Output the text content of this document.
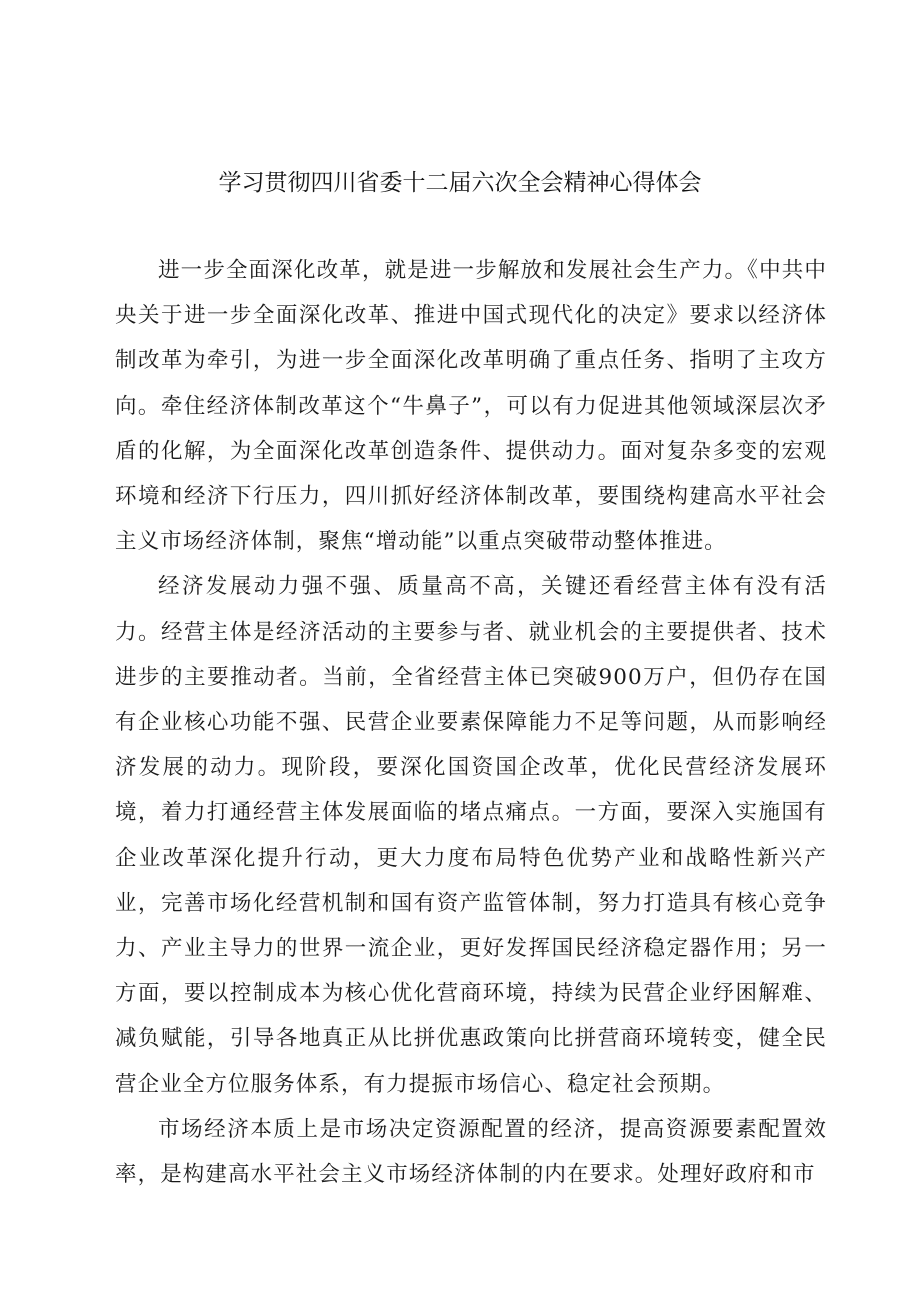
学习贯彻四川省委十二届六次全会精神心得体会

进一步全面深化改革，就是进一步解放和发展社会生产力。《中共中央关于进一步全面深化改革、推进中国式现代化的决定》要求以经济体制改革为牵引，为进一步全面深化改革明确了重点任务、指明了主攻方向。牵住经济体制改革这个“牛鼻子”，可以有力促进其他领域深层次矛盾的化解，为全面深化改革创造条件、提供动力。面对复杂多变的宏观环境和经济下行压力，四川抓好经济体制改革，要围绕构建高水平社会主义市场经济体制，聚焦“增动能”以重点突破带动整体推进。

经济发展动力强不强、质量高不高，关键还看经营主体有没有活力。经营主体是经济活动的主要参与者、就业机会的主要提供者、技术进步的主要推动者。当前，全省经营主体已突破900万户，但仍存在国有企业核心功能不强、民营企业要素保障能力不足等问题，从而影响经济发展的动力。现阶段，要深化国资国企改革，优化民营经济发展环境，着力打通经营主体发展面临的堵点痛点。一方面，要深入实施国有企业改革深化提升行动，更大力度布局特色优势产业和战略性新兴产业，完善市场化经营机制和国有资产监管体制，努力打造具有核心竞争力、产业主导力的世界一流企业，更好发挥国民经济稳定器作用；另一方面，要以控制成本为核心优化营商环境，持续为民营企业纾困解难、减负赋能，引导各地真正从比拼优惠政策向比拼营商环境转变，健全民营企业全方位服务体系，有力提振市场信心、稳定社会预期。

市场经济本质上是市场决定资源配置的经济，提高资源要素配置效率，是构建高水平社会主义市场经济体制的内在要求。处理好政府和市
